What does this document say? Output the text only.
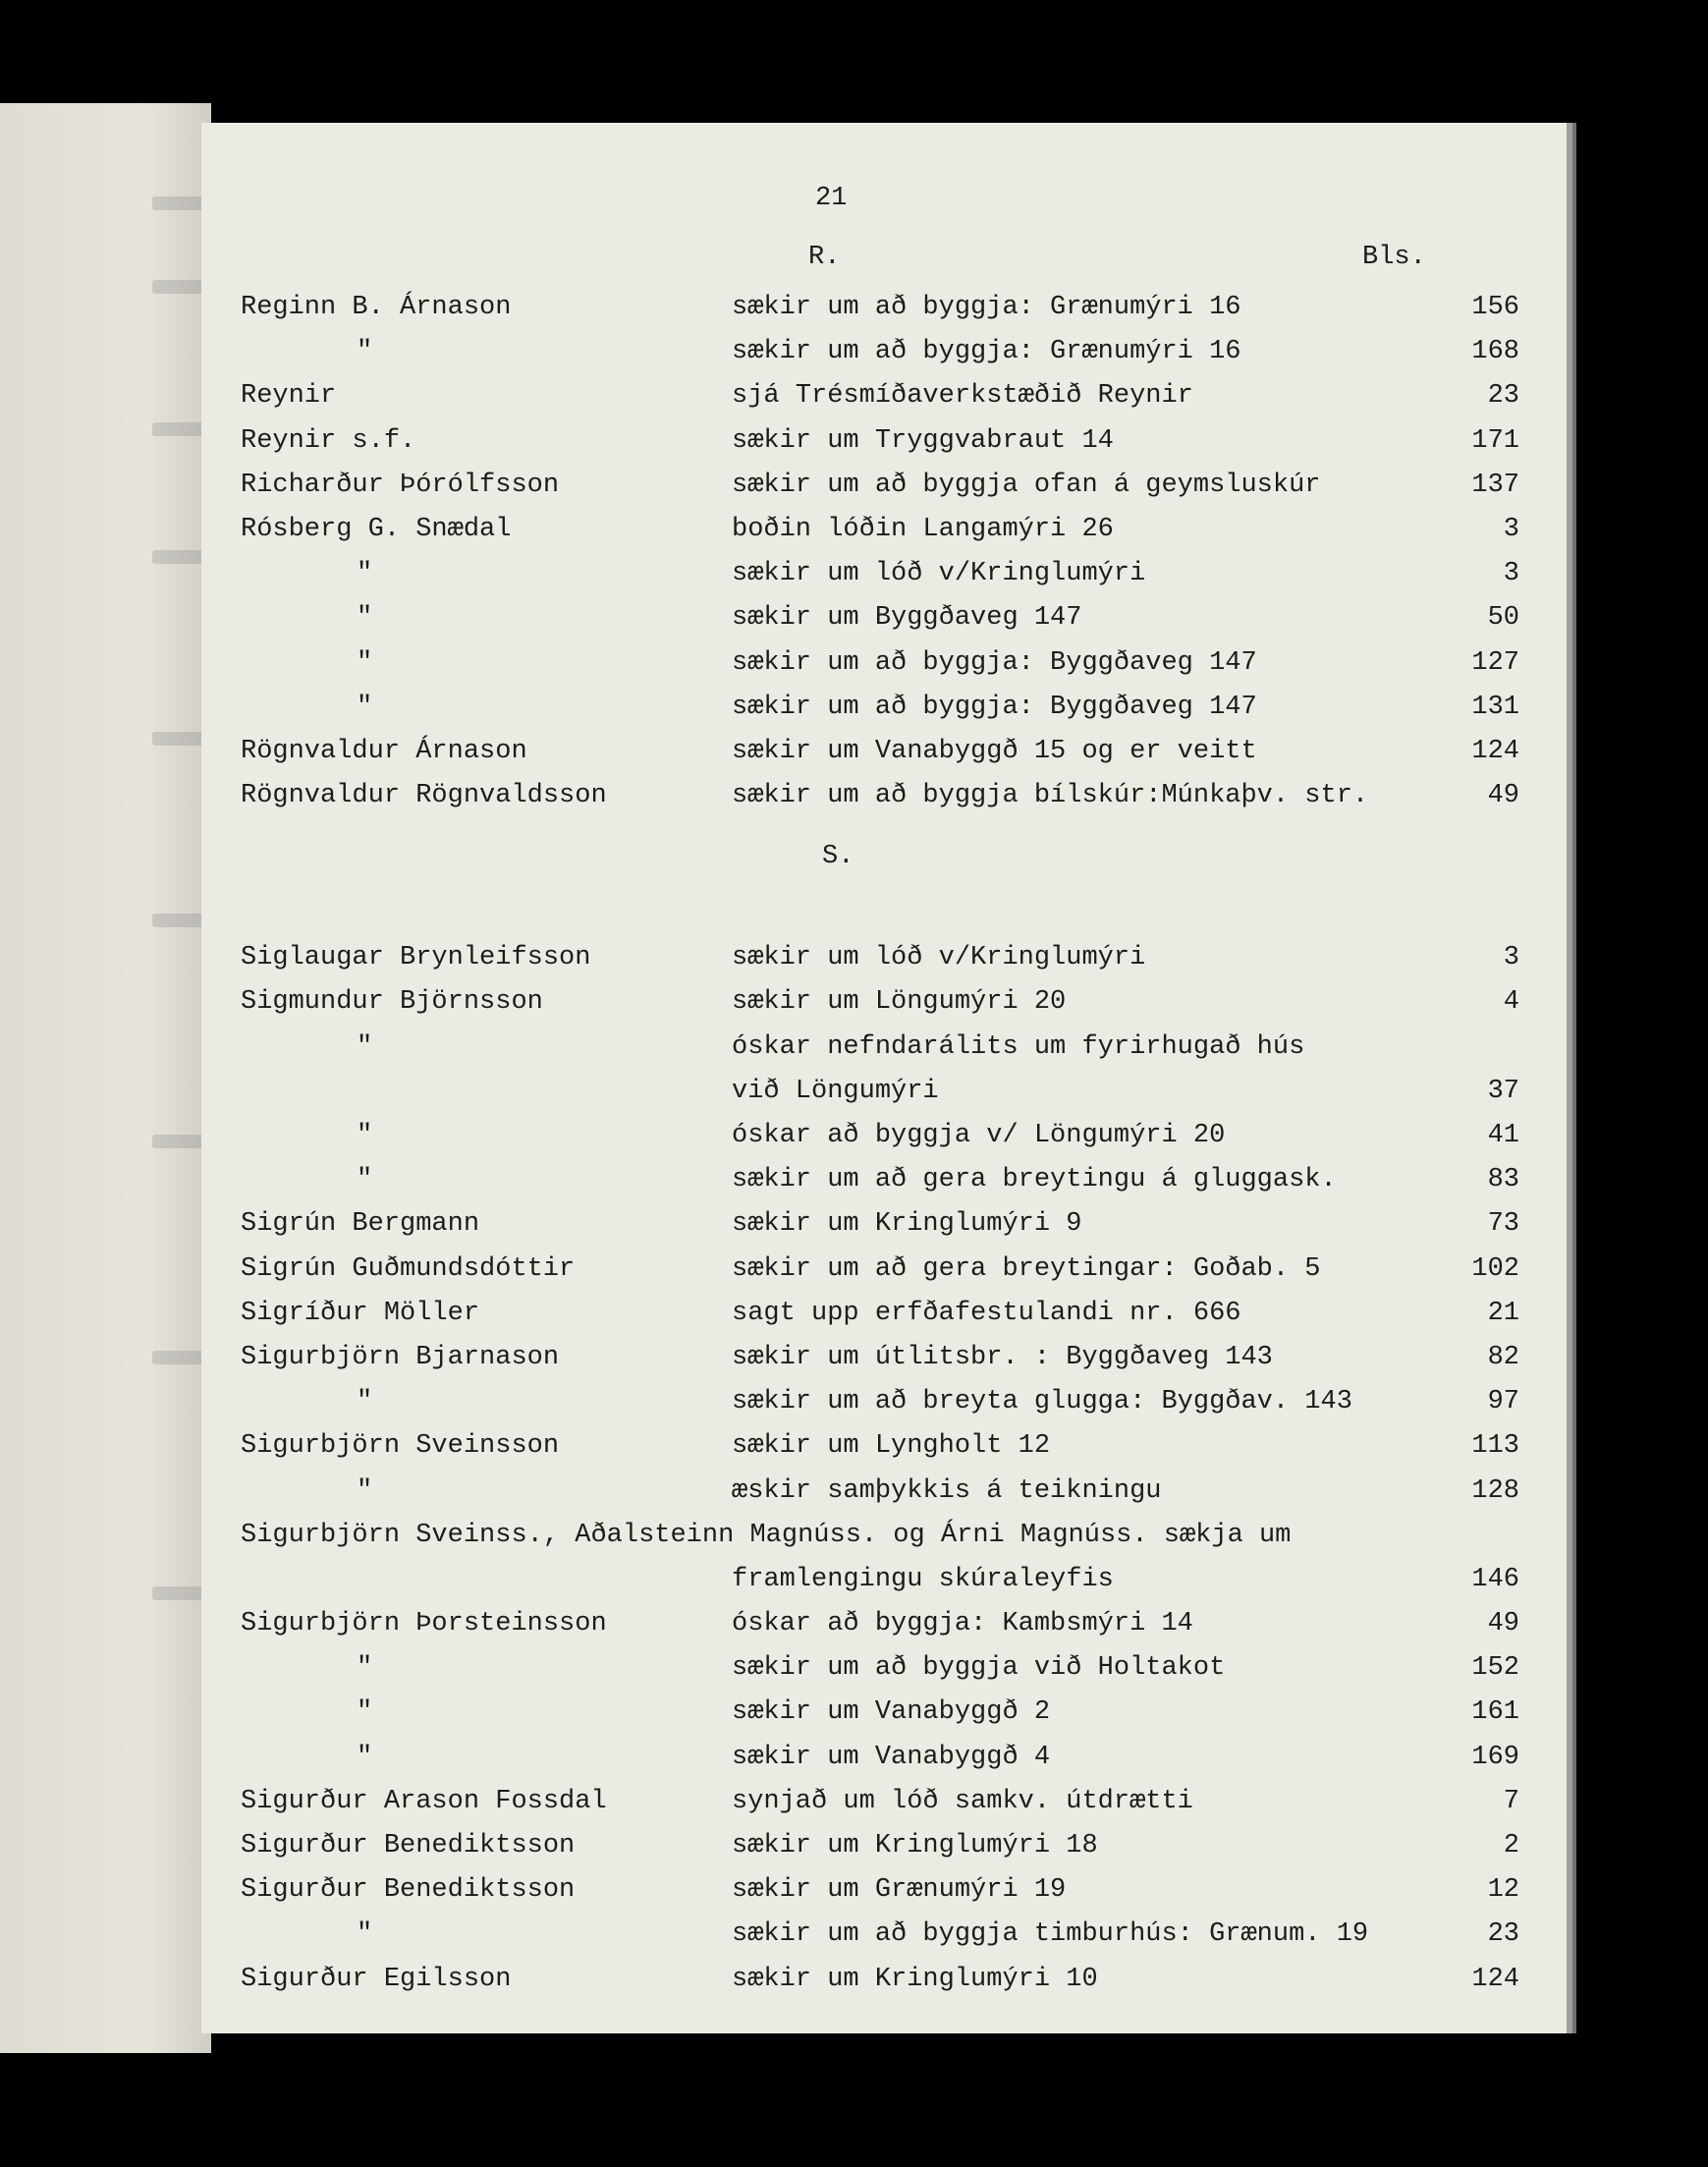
21
Bls.
R.
S.
Reginn B. Árnason	sækir um að byggja: Grænumýri 16	156
"	sækir um að byggja: Grænumýri 16	168
Reynir	sjá Trésmíðaverkstæðið Reynir	23
Reynir s.f.	sækir um Tryggvabraut 14	171
Richarður Þórólfsson	sækir um að byggja ofan á geymsluskúr	137
Rósberg G. Snædal	boðin lóðin Langamýri 26	3
"	sækir um lóð v/Kringlumýri	3
"	sækir um Byggðaveg 147	50
"	sækir um að byggja: Byggðaveg 147	127
"	sækir um að byggja: Byggðaveg 147	131
Rögnvaldur Árnason	sækir um Vanabyggð 15 og er veitt	124
Rögnvaldur Rögnvaldsson	sækir um að byggja bílskúr:Múnkaþv. str.	49
Siglaugar Brynleifsson	sækir um lóð v/Kringlumýri	3
Sigmundur Björnsson	sækir um Löngumýri 20	4
"	óskar nefndarálits um fyrirhugað hús
við Löngumýri	37
"	óskar að byggja v/ Löngumýri 20	41
"	sækir um að gera breytingu á gluggask.	83
Sigrún Bergmann	sækir um Kringlumýri 9	73
Sigrún Guðmundsdóttir	sækir um að gera breytingar: Goðab. 5	102
Sigríður Möller	sagt upp erfðafestulandi nr. 666	21
Sigurbjörn Bjarnason	sækir um útlitsbr. : Byggðaveg 143	82
"	sækir um að breyta glugga: Byggðav. 143	97
Sigurbjörn Sveinsson	sækir um Lyngholt 12	113
"	æskir samþykkis á teikningu	128
Sigurbjörn Sveinss., Aðalsteinn Magnúss. og Árni Magnúss. sækja um
framlengingu skúraleyfis	146
Sigurbjörn Þorsteinsson	óskar að byggja: Kambsmýri 14	49
"	sækir um að byggja við Holtakot	152
"	sækir um Vanabyggð 2	161
"	sækir um Vanabyggð 4	169
Sigurður Arason Fossdal	synjað um lóð samkv. útdrætti	7
Sigurður Benediktsson	sækir um Kringlumýri 18	2
Sigurður Benediktsson	sækir um Grænumýri 19	12
"	sækir um að byggja timburhús: Grænum. 19	23
Sigurður Egilsson	sækir um Kringlumýri 10	124
